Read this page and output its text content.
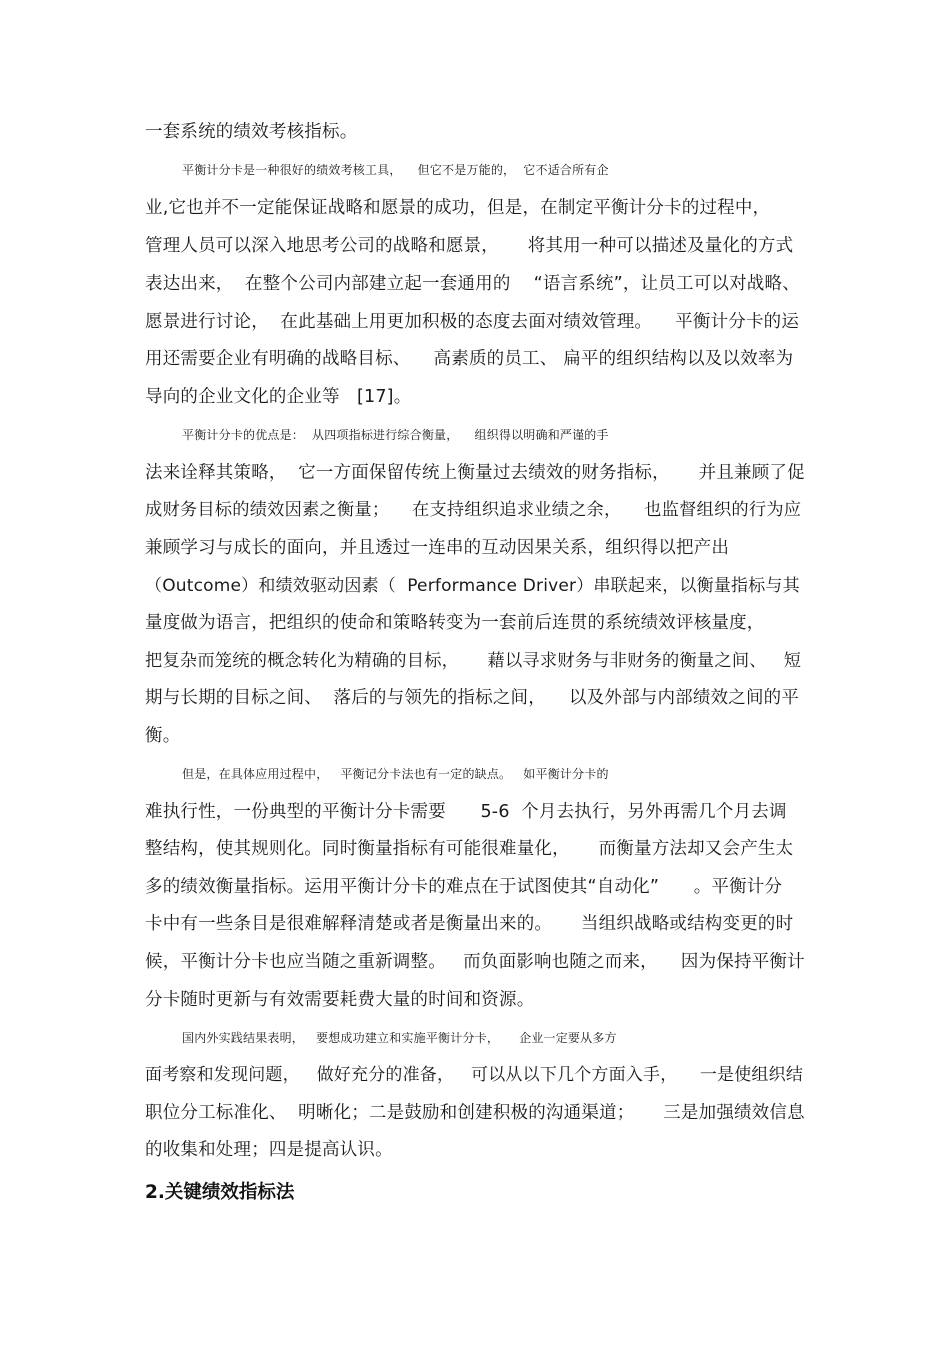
一套系统的绩效考核指标。
平衡计分卡是一种很好的绩效考核工具，    但它不是万能的，  它不适合所有企
业,它也并不一定能保证战略和愿景的成功，但是，在制定平衡计分卡的过程中，
管理人员可以深入地思考公司的战略和愿景，     将其用一种可以描述及量化的方式
表达出来，  在整个公司内部建立起一套通用的    “语言系统”，让员工可以对战略、
愿景进行讨论，  在此基础上用更加积极的态度去面对绩效管理。    平衡计分卡的运
用还需要企业有明确的战略目标、    高素质的员工、 扁平的组织结构以及以效率为
导向的企业文化的企业等   [17]。
平衡计分卡的优点是：  从四项指标进行综合衡量，    组织得以明确和严谨的手
法来诠释其策略，  它一方面保留传统上衡量过去绩效的财务指标，     并且兼顾了促
成财务目标的绩效因素之衡量；    在支持组织追求业绩之余，    也监督组织的行为应
兼顾学习与成长的面向，并且透过一连串的互动因果关系，组织得以把产出
（Outcome）和绩效驱动因素（  Performance Driver）串联起来，以衡量指标与其
量度做为语言，把组织的使命和策略转变为一套前后连贯的系统绩效评核量度，
把复杂而笼统的概念转化为精确的目标，     藉以寻求财务与非财务的衡量之间、   短
期与长期的目标之间、  落后的与领先的指标之间，    以及外部与内部绩效之间的平
衡。
但是，在具体应用过程中，   平衡记分卡法也有一定的缺点。   如平衡计分卡的
难执行性，一份典型的平衡计分卡需要      5-6  个月去执行，另外再需几个月去调
整结构，使其规则化。同时衡量指标有可能很难量化，     而衡量方法却又会产生太
多的绩效衡量指标。运用平衡计分卡的难点在于试图使其“自动化”      。平衡计分
卡中有一些条目是很难解释清楚或者是衡量出来的。     当组织战略或结构变更的时
候，平衡计分卡也应当随之重新调整。   而负面影响也随之而来，    因为保持平衡计
分卡随时更新与有效需要耗费大量的时间和资源。
国内外实践结果表明，   要想成功建立和实施平衡计分卡，     企业一定要从多方
面考察和发现问题，   做好充分的准备，   可以从以下几个方面入手，    一是使组织结
职位分工标准化、  明晰化；二是鼓励和创建积极的沟通渠道；     三是加强绩效信息
的收集和处理；四是提高认识。
2.关键绩效指标法
